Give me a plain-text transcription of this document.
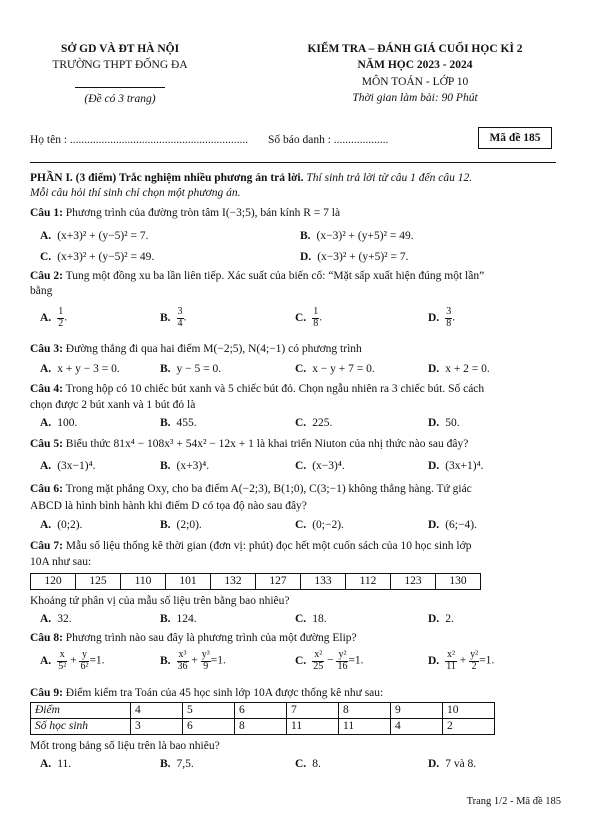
SỞ GD VÀ ĐT HÀ NỘI
TRƯỜNG THPT ĐỐNG ĐA
(Đề có 3 trang)
KIỂM TRA – ĐÁNH GIÁ CUỐI HỌC KÌ 2
NĂM HỌC 2023 - 2024
MÔN TOÁN - LỚP 10
Thời gian làm bài: 90 Phút
Họ tên : .............................................................. Số báo danh : ...................	Mã đề 185
PHẦN I. (3 điểm) Trắc nghiệm nhiều phương án trả lời. Thí sinh trả lời từ câu 1 đến câu 12.
Mỗi câu hỏi thí sinh chỉ chọn một phương án.
Câu 1: Phương trình của đường tròn tâm I(−3;5), bán kính R = 7 là
A. (x+3)² + (y−5)² = 7.	B. (x−3)² + (y+5)² = 49.
C. (x+3)² + (y−5)² = 49.	D. (x−3)² + (y+5)² = 7.
Câu 2: Tung một đồng xu ba lần liên tiếp. Xác suất của biến cố: “Mặt sấp xuất hiện đúng một lần”
bằng
A. $\frac{1}{2}$ .	B. $\frac{3}{4}$ .	C. $\frac{1}{8}$ .	D. $\frac{3}{8}$ .
Câu 3: Đường thẳng đi qua hai điểm M(−2;5), N(4;−1) có phương trình
A. x + y − 3 = 0.	B. y − 5 = 0.	C. x − y + 7 = 0.	D. x + 2 = 0.
Câu 4: Trong hộp có 10 chiếc bút xanh và 5 chiếc bút đỏ. Chọn ngẫu nhiên ra 3 chiếc bút. Số cách
chọn được 2 bút xanh và 1 bút đỏ là
A. 100.	B. 455.	C. 225.	D. 50.
Câu 5: Biểu thức 81x⁴ − 108x³ + 54x² − 12x + 1 là khai triển Niuton của nhị thức nào sau đây?
A. (3x−1)⁴.	B. (x+3)⁴.	C. (x−3)⁴.	D. (3x+1)⁴.
Câu 6: Trong mặt phẳng Oxy, cho ba điểm A(−2;3), B(1;0), C(3;−1) không thẳng hàng. Tứ giác
ABCD là hình bình hành khi điểm D có tọa độ nào sau đây?
A. (0;2).	B. (2;0).	C. (0;−2).	D. (6;−4).
Câu 7: Mẫu số liệu thống kê thời gian (đơn vị: phút) đọc hết một cuốn sách của 10 học sinh lớp
10A như sau:
120	125	110	101	132	127	133	112	123	130
Khoảng tứ phân vị của mẫu số liệu trên bằng bao nhiêu?
A. 32.	B. 124.	C. 18.	D. 2.
Câu 8: Phương trình nào sau đây là phương trình của một đường Elip?
A. $\frac{x}{\text{5²}} + \frac{y}{\text{6²}} =1$.	B. $\frac{\text{x³}}{36} + \frac{\text{y³}}{9} =1$.	C. $\frac{\text{x²}}{25} - \frac{\text{y²}}{16} =1$.	D. $\frac{\text{x²}}{11} + \frac{\text{y²}}{2} =1$.
Câu 9: Điểm kiểm tra Toán của 45 học sinh lớp 10A được thống kê như sau:
Điểm	4	5	6	7	8	9	10
Số học sinh	3	6	8	11	11	4	2
Mốt trong bảng số liệu trên là bao nhiêu?
A. 11.	B. 7,5.	C. 8.	D. 7 và 8.
Trang 1/2 - Mã đề 185
